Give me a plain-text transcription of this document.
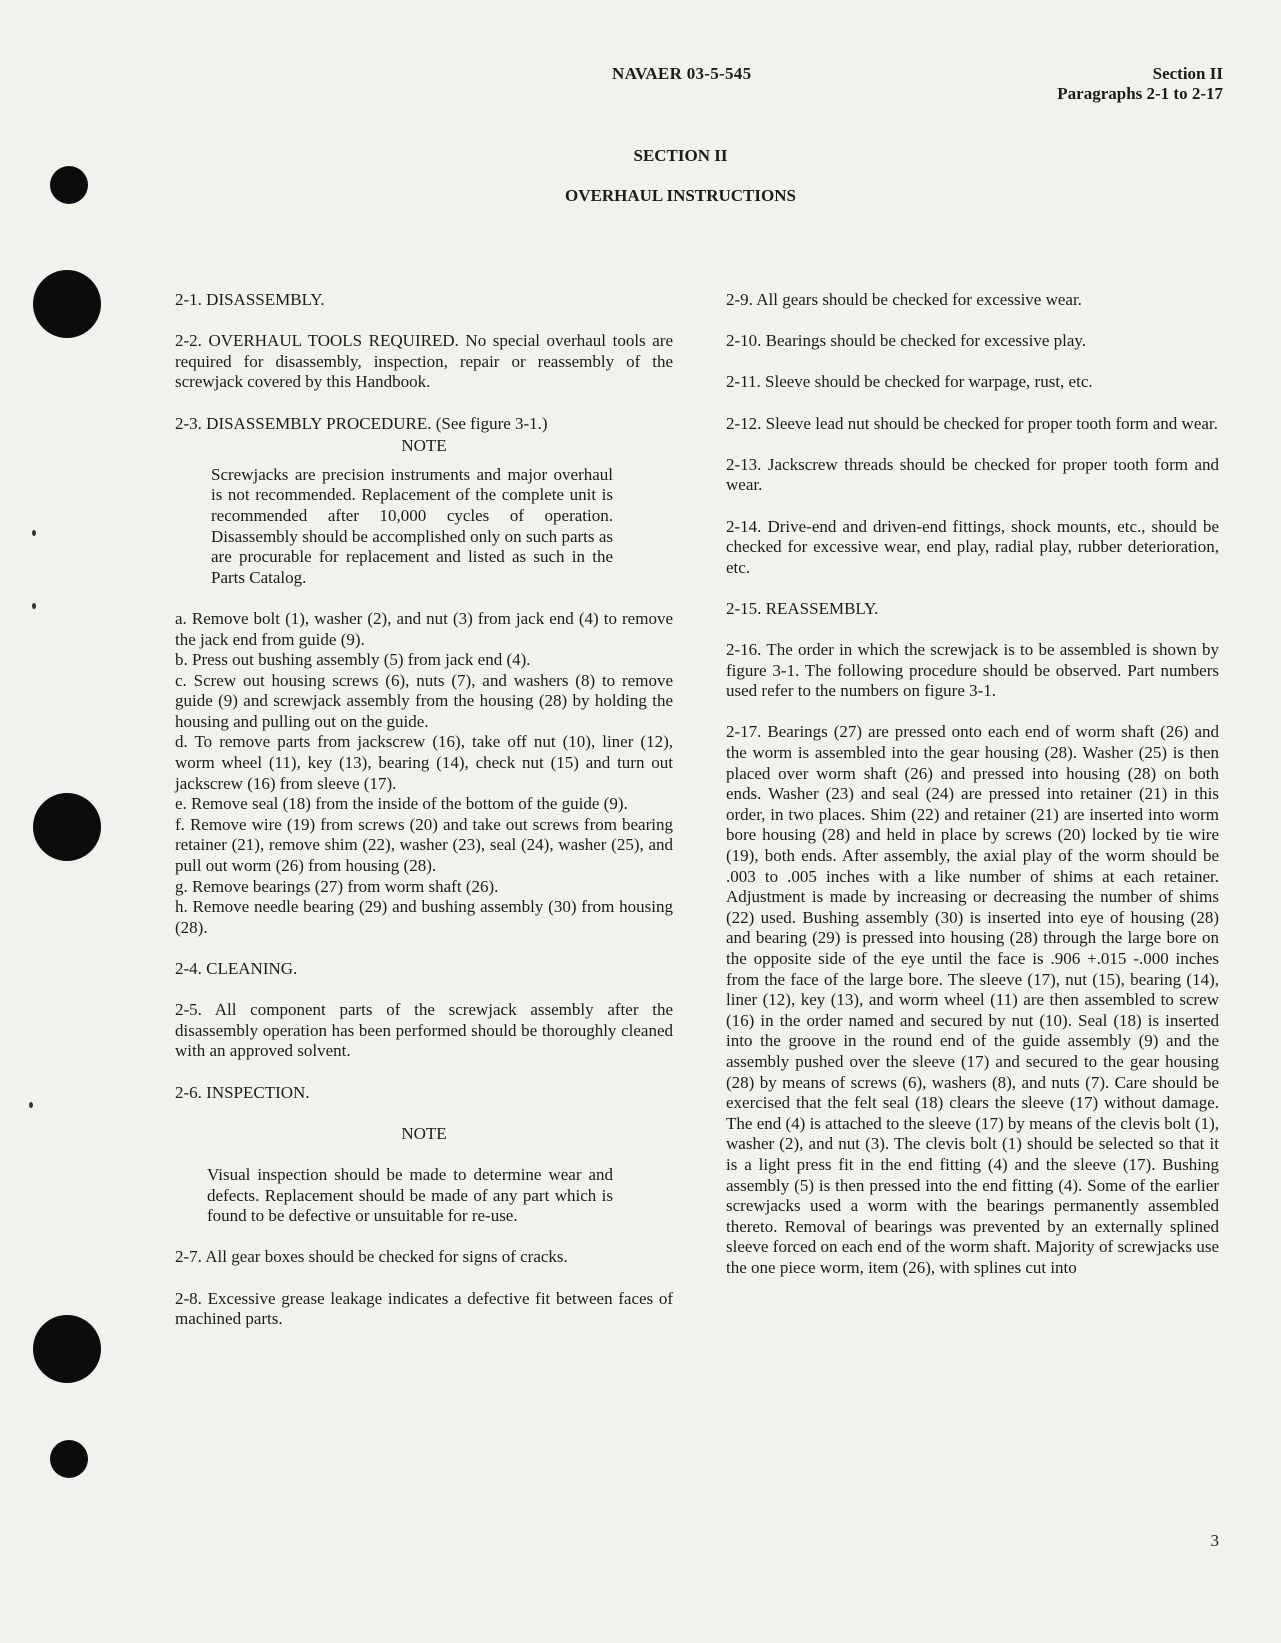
NAVAER 03-5-545	Section II
Paragraphs 2-1 to 2-17
SECTION II
OVERHAUL INSTRUCTIONS

2-1. DISASSEMBLY.

2-2. OVERHAUL TOOLS REQUIRED. No special overhaul tools are required for disassembly, inspection, repair or reassembly of the screwjack covered by this Handbook.

2-3. DISASSEMBLY PROCEDURE. (See figure 3-1.)

NOTE

Screwjacks are precision instruments and major overhaul is not recommended. Replacement of the complete unit is recommended after 10,000 cycles of operation. Disassembly should be accomplished only on such parts as are procurable for replacement and listed as such in the Parts Catalog.

a. Remove bolt (1), washer (2), and nut (3) from jack end (4) to remove the jack end from guide (9).

b. Press out bushing assembly (5) from jack end (4).

c. Screw out housing screws (6), nuts (7), and washers (8) to remove guide (9) and screwjack assembly from the housing (28) by holding the housing and pulling out on the guide.

d. To remove parts from jackscrew (16), take off nut (10), liner (12), worm wheel (11), key (13), bearing (14), check nut (15) and turn out jackscrew (16) from sleeve (17).

e. Remove seal (18) from the inside of the bottom of the guide (9).

f. Remove wire (19) from screws (20) and take out screws from bearing retainer (21), remove shim (22), washer (23), seal (24), washer (25), and pull out worm (26) from housing (28).

g. Remove bearings (27) from worm shaft (26).

h. Remove needle bearing (29) and bushing assembly (30) from housing (28).

2-4. CLEANING.

2-5. All component parts of the screwjack assembly after the disassembly operation has been performed should be thoroughly cleaned with an approved solvent.

2-6. INSPECTION.

NOTE

Visual inspection should be made to determine wear and defects. Replacement should be made of any part which is found to be defective or unsuitable for re-use.

2-7. All gear boxes should be checked for signs of cracks.

2-8. Excessive grease leakage indicates a defective fit between faces of machined parts.

2-9. All gears should be checked for excessive wear.

2-10. Bearings should be checked for excessive play.

2-11. Sleeve should be checked for warpage, rust, etc.

2-12. Sleeve lead nut should be checked for proper tooth form and wear.

2-13. Jackscrew threads should be checked for proper tooth form and wear.

2-14. Drive-end and driven-end fittings, shock mounts, etc., should be checked for excessive wear, end play, radial play, rubber deterioration, etc.

2-15. REASSEMBLY.

2-16. The order in which the screwjack is to be assembled is shown by figure 3-1. The following procedure should be observed. Part numbers used refer to the numbers on figure 3-1.

2-17. Bearings (27) are pressed onto each end of worm shaft (26) and the worm is assembled into the gear housing (28). Washer (25) is then placed over worm shaft (26) and pressed into housing (28) on both ends. Washer (23) and seal (24) are pressed into retainer (21) in this order, in two places. Shim (22) and retainer (21) are inserted into worm bore housing (28) and held in place by screws (20) locked by tie wire (19), both ends. After assembly, the axial play of the worm should be .003 to .005 inches with a like number of shims at each retainer. Adjustment is made by increasing or decreasing the number of shims (22) used. Bushing assembly (30) is inserted into eye of housing (28) and bearing (29) is pressed into housing (28) through the large bore on the opposite side of the eye until the face is .906 +.015 -.000 inches from the face of the large bore. The sleeve (17), nut (15), bearing (14), liner (12), key (13), and worm wheel (11) are then assembled to screw (16) in the order named and secured by nut (10). Seal (18) is inserted into the groove in the round end of the guide assembly (9) and the assembly pushed over the sleeve (17) and secured to the gear housing (28) by means of screws (6), washers (8), and nuts (7). Care should be exercised that the felt seal (18) clears the sleeve (17) without damage. The end (4) is attached to the sleeve (17) by means of the clevis bolt (1), washer (2), and nut (3). The clevis bolt (1) should be selected so that it is a light press fit in the end fitting (4) and the sleeve (17). Bushing assembly (5) is then pressed into the end fitting (4). Some of the earlier screwjacks used a worm with the bearings permanently assembled thereto. Removal of bearings was prevented by an externally splined sleeve forced on each end of the worm shaft. Majority of screwjacks use the one piece worm, item (26), with splines cut into

3
